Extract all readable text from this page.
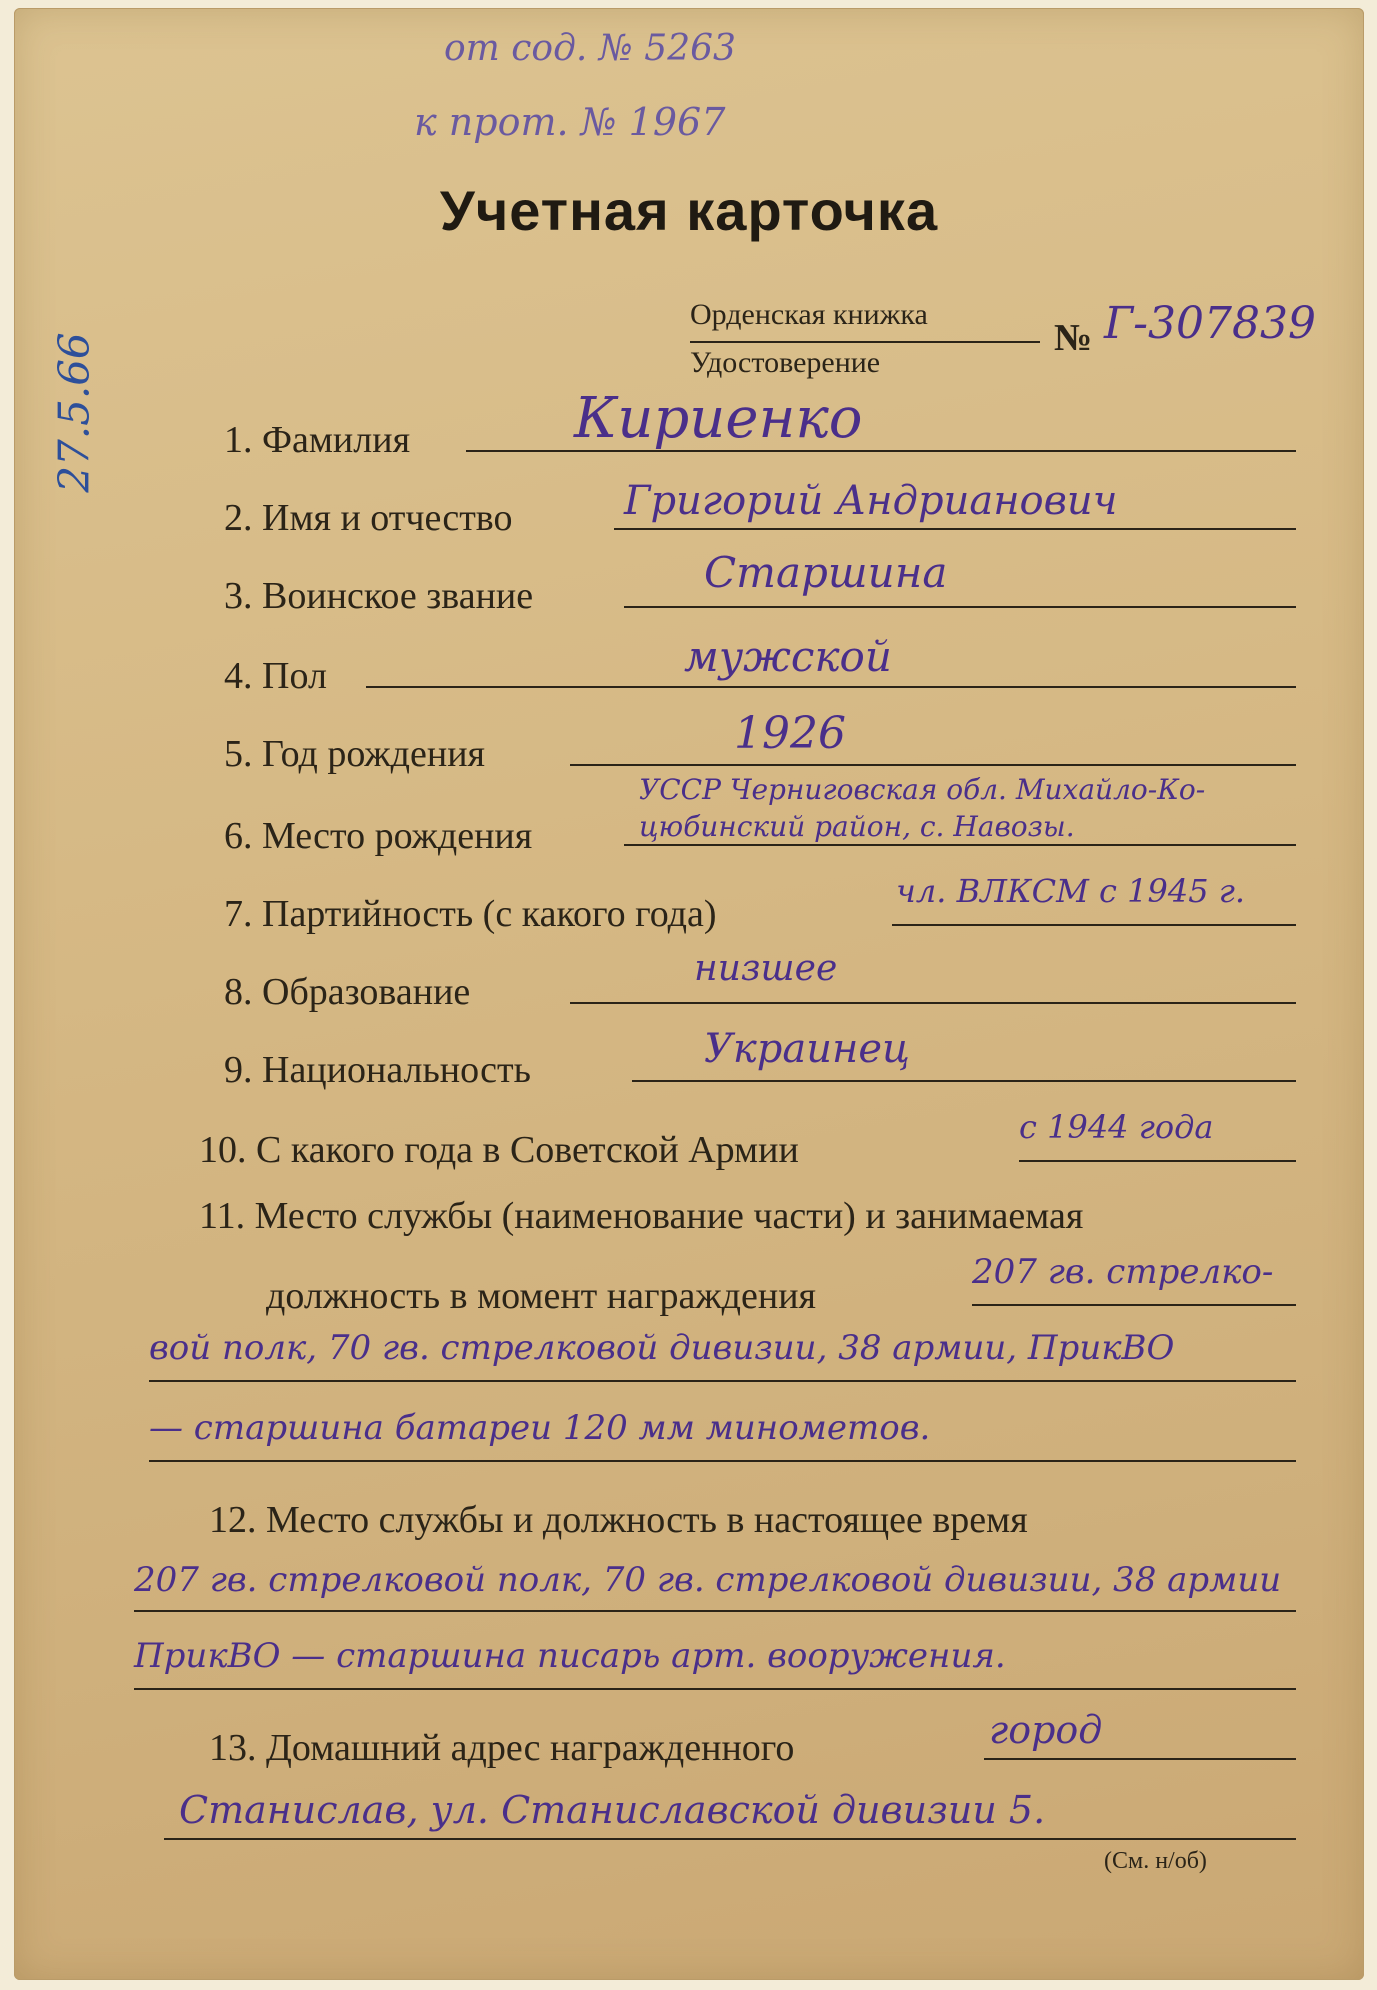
от сод. № 5263
к прот. № 1967
27.5.66
Учетная карточка
Орденская книжка
Удостоверение
№ Г-307839
1. Фамилия	Кириенко
2. Имя и отчество	Григорий Андрианович
3. Воинское звание	Старшина
4. Пол	мужской
5. Год рождения	1926
6. Место рождения
УССР Черниговская обл. Михайло-Ко-
цюбинский район, с. Навозы.
7. Партийность (с какого года)
чл. ВЛКСМ с 1945 г.
8. Образование
низшее
9. Национальность	Украинец
10. С какого года в Советской Армии
с 1944 года
11. Место службы (наименование части) и занимаемая
должность в момент награждения
207 гв. стрелко-
вой полк, 70 гв. стрелковой дивизии, 38 армии, ПрикВО
— старшина батареи 120 мм минометов.
12. Место службы и должность в настоящее время
207 гв. стрелковой полк, 70 гв. стрелковой дивизии, 38 армии
ПрикВО — старшина писарь арт. вооружения.
13. Домашний адрес награжденного	город
Станислав, ул. Станиславской дивизии 5.
(См. н/об)
